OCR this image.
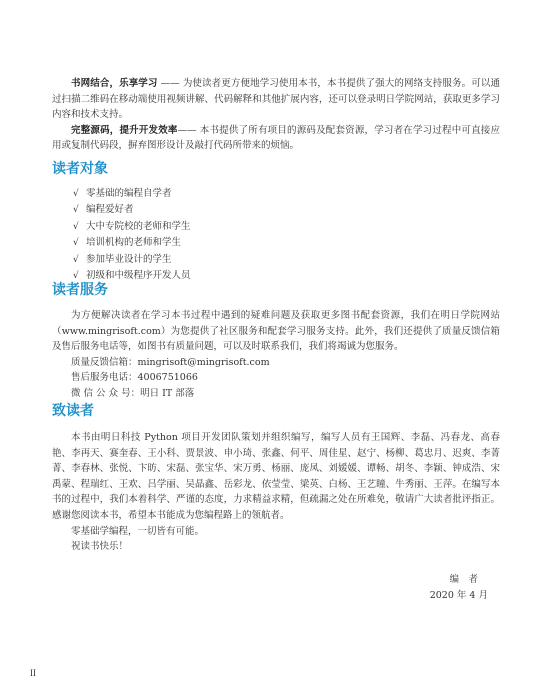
书网结合，乐享学习 —— 为使读者更方便地学习使用本书，本书提供了强大的网络支持服务。可以通过扫描二维码在移动端使用视频讲解、代码解释和其他扩展内容，还可以登录明日学院网站，获取更多学习内容和技术支持。

完整源码，提升开发效率—— 本书提供了所有项目的源码及配套资源，学习者在学习过程中可直接应用或复制代码段，摒弃图形设计及敲打代码所带来的烦恼。

读者对象
√ 零基础的编程自学者
√ 编程爱好者
√ 大中专院校的老师和学生
√ 培训机构的老师和学生
√ 参加毕业设计的学生
√ 初级和中级程序开发人员
读者服务

为方便解决读者在学习本书过程中遇到的疑难问题及获取更多图书配套资源，我们在明日学院网站（www.mingrisoft.com）为您提供了社区服务和配套学习服务支持。此外，我们还提供了质量反馈信箱及售后服务电话等，如图书有质量问题，可以及时联系我们，我们将竭诚为您服务。

质量反馈信箱：mingrisoft@mingrisoft.com
售后服务电话：4006751066
微 信 公 众 号：明日 IT 部落
致读者

本书由明日科技 Python 项目开发团队策划并组织编写，编写人员有王国辉、李磊、冯春龙、高春艳、李再天、赛奎春、王小科、贾景波、申小琦、张鑫、何平、周佳星、赵宁、杨柳、葛忠月、迟爽、李菁菁、李春林、张悦、卞昉、宋磊、张宝华、宋万勇、杨丽、庞凤、刘媛媛、谭畅、胡冬、李颖、钟成浩、宋禹蒙、程瑞红、王欢、吕学丽、吴晶鑫、岳彩龙、依莹莹、梁英、白杨、王艺瞳、牛秀丽、王萍。在编写本书的过程中，我们本着科学、严谨的态度，力求精益求精，但疏漏之处在所难免，敬请广大读者批评指正。感谢您阅读本书，希望本书能成为您编程路上的领航者。

零基础学编程，一切皆有可能。

祝读书快乐！

编　者
2020 年 4 月
II
